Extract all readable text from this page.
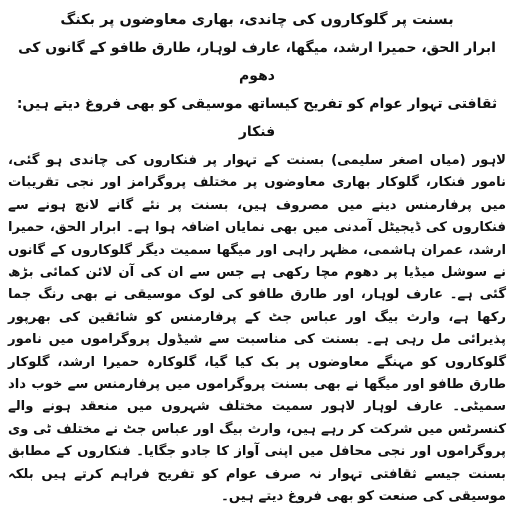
بسنت پر گلوکاروں کی چاندی، بھاری معاوضوں پر بکنگ
ابرار الحق، حمیرا ارشد، میگھا، عارف لوہار، طارق طافو کے گانوں کی دھوم
ثقافتی تہوار عوام کو تفریح کیساتھ موسیقی کو بھی فروغ دیتے ہیں: فنکار

لاہور (میاں اصغر سلیمی) بسنت کے تہوار پر فنکاروں کی چاندی ہو گئی، نامور فنکار، گلوکار بھاری معاوضوں پر مختلف پروگرامز اور نجی تقریبات میں پرفارمنس دینے میں مصروف ہیں، بسنت پر نئے گانے لانچ ہونے سے فنکاروں کی ڈیجیٹل آمدنی میں بھی نمایاں اضافہ ہوا ہے۔ ابرار الحق، حمیرا ارشد، عمران ہاشمی، مظہر راہی اور میگھا سمیت دیگر گلوکاروں کے گانوں نے سوشل میڈیا پر دھوم مچا رکھی ہے جس سے ان کی آن لائن کمائی بڑھ گئی ہے۔ عارف لوہار، اور طارق طافو کی لوک موسیقی نے بھی رنگ جما رکھا ہے، وارث بیگ اور عباس جٹ کے پرفارمنس کو شائقین کی بھرپور پذیرائی مل رہی ہے۔ بسنت کی مناسبت سے شیڈول پروگراموں میں نامور گلوکاروں کو مہنگے معاوضوں پر بک کیا گیا، گلوکارہ حمیرا ارشد، گلوکار طارق طافو اور میگھا نے بھی بسنت پروگراموں میں پرفارمنس سے خوب داد سمیٹی۔ عارف لوہار لاہور سمیت مختلف شہروں میں منعقد ہونے والے کنسرٹس میں شرکت کر رہے ہیں، وارث بیگ اور عباس جٹ نے مختلف ٹی وی پروگراموں اور نجی محافل میں اپنی آواز کا جادو جگایا۔ فنکاروں کے مطابق بسنت جیسے ثقافتی تہوار نہ صرف عوام کو تفریح فراہم کرتے ہیں بلکہ موسیقی کی صنعت کو بھی فروغ دیتے ہیں۔
